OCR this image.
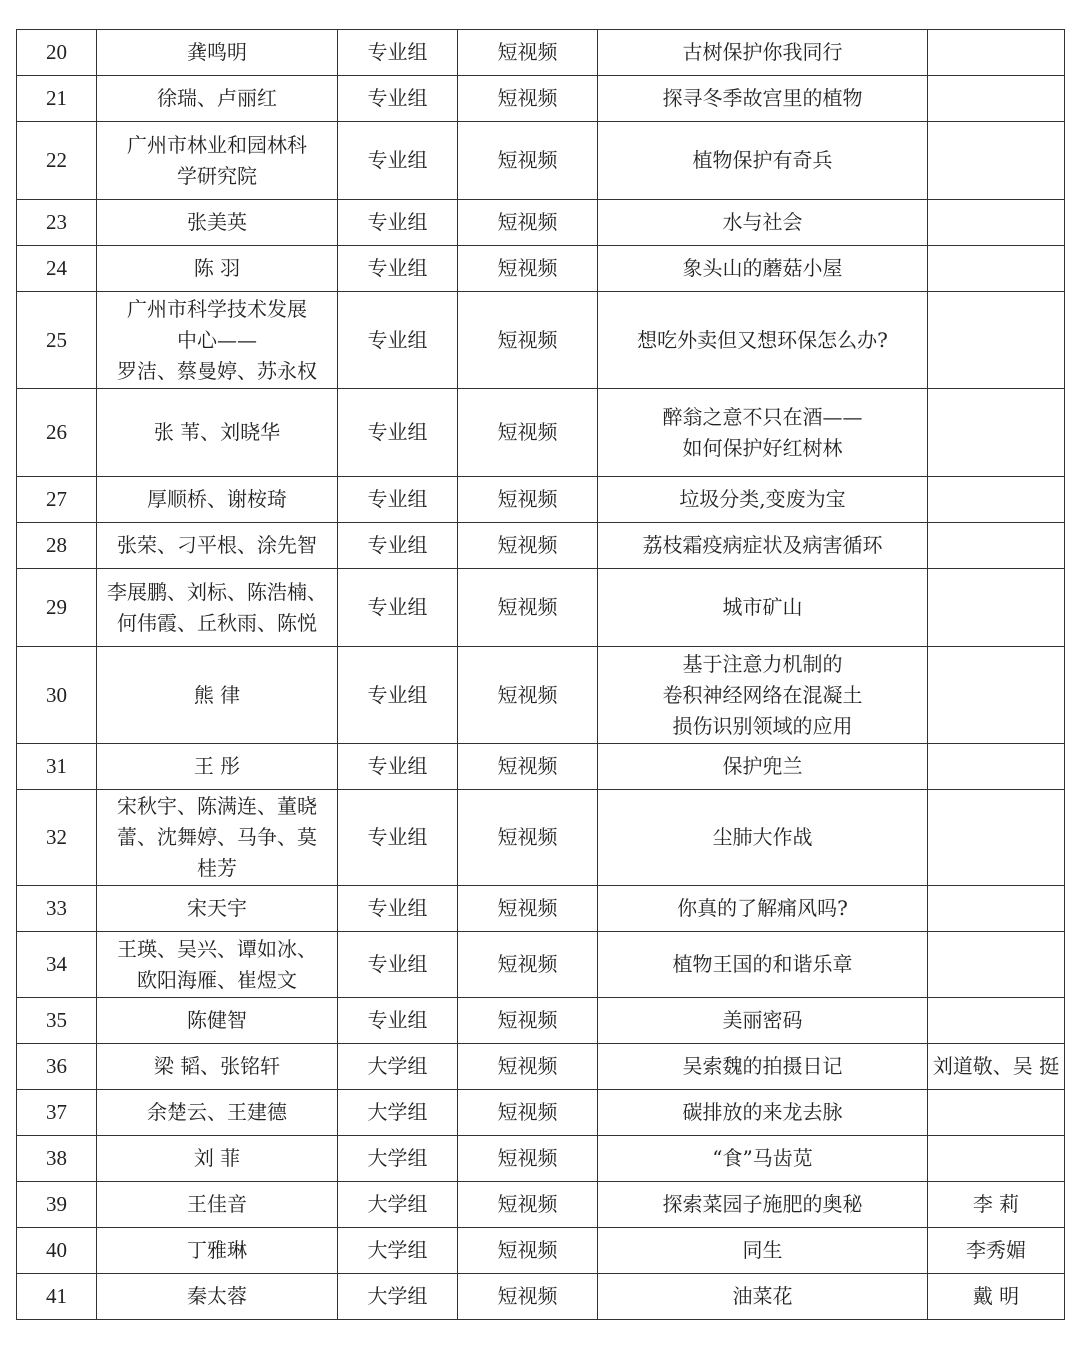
20	龚鸣明	专业组	短视频	古树保护你我同行	
21	徐瑞、卢丽红	专业组	短视频	探寻冬季故宫里的植物	
22	广州市林业和园林科
学研究院	专业组	短视频	植物保护有奇兵	
23	张美英	专业组	短视频	水与社会	
24	陈 羽	专业组	短视频	象头山的蘑菇小屋	
25	广州市科学技术发展
中心——
罗洁、蔡曼婷、苏永权	专业组	短视频	想吃外卖但又想环保怎么办?	
26	张 苇、刘晓华	专业组	短视频	醉翁之意不只在酒——
如何保护好红树林	
27	厚顺桥、谢桉琦	专业组	短视频	垃圾分类,变废为宝	
28	张荣、刁平根、涂先智	专业组	短视频	荔枝霜疫病症状及病害循环	
29	李展鹏、刘标、陈浩楠、
何伟霞、丘秋雨、陈悦	专业组	短视频	城市矿山	
30	熊 律	专业组	短视频	基于注意力机制的
卷积神经网络在混凝土
损伤识别领域的应用	
31	王 彤	专业组	短视频	保护兜兰	
32	宋秋宇、陈满连、董晓
蕾、沈舞婷、马争、莫
桂芳	专业组	短视频	尘肺大作战	
33	宋天宇	专业组	短视频	你真的了解痛风吗?	
34	王瑛、吴兴、谭如冰、
欧阳海雁、崔煜文	专业组	短视频	植物王国的和谐乐章	
35	陈健智	专业组	短视频	美丽密码	
36	梁 韬、张铭轩	大学组	短视频	吴索魏的拍摄日记	刘道敬、吴 挺
37	余楚云、王建德	大学组	短视频	碳排放的来龙去脉	
38	刘 菲	大学组	短视频	“食”马齿苋	
39	王佳音	大学组	短视频	探索菜园子施肥的奥秘	李 莉
40	丁雅琳	大学组	短视频	同生	李秀媚
41	秦太蓉	大学组	短视频	油菜花	戴 明
